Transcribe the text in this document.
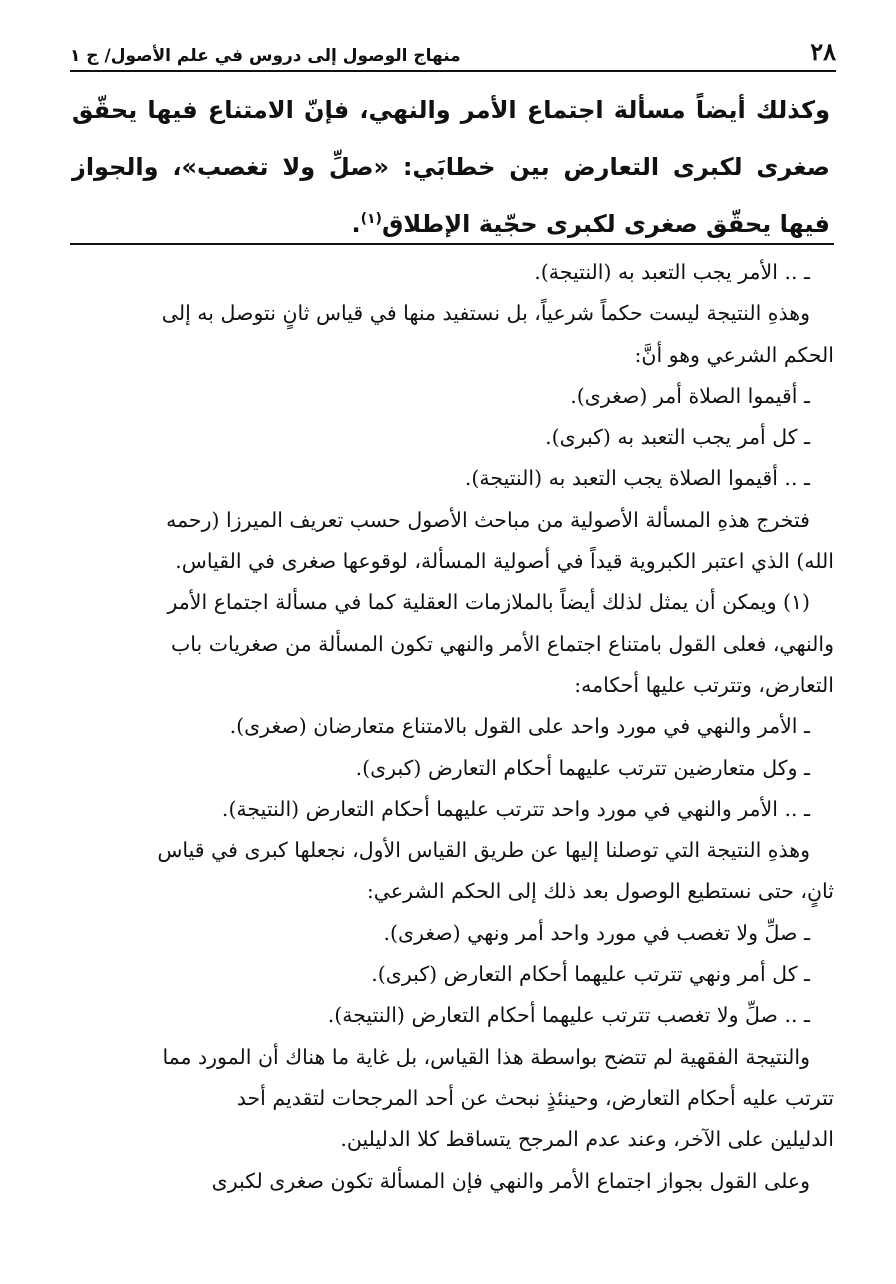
٢٨
منهاج الوصول إلى دروس في علم الأصول/ ج ١

وكذلك أيضاً مسألة اجتماع الأمر والنهي، فإنّ الامتناع فيها يحقّق صغرى لكبرى التعارض بين خطابَي: «صلِّ ولا تغصب»، والجواز فيها يحقّق صغرى لكبرى حجّية الإطلاق$^{(١)}$.

ـ .. الأمر يجب التعبد به (النتيجة).

وهذهِ النتيجة ليست حكماً شرعياً، بل نستفيد منها في قياس ثانٍ نتوصل به إلى

الحكم الشرعي وهو أنَّ:

ـ أقيموا الصلاة أمر (صغرى).

ـ كل أمر يجب التعبد به (كبرى).

ـ .. أقيموا الصلاة يجب التعبد به (النتيجة).

فتخرج هذهِ المسألة الأصولية من مباحث الأصول حسب تعريف الميرزا (رحمه

الله) الذي اعتبر الكبروية قيداً في أصولية المسألة، لوقوعها صغرى في القياس.

(١) ويمكن أن يمثل لذلك أيضاً بالملازمات العقلية كما في مسألة اجتماع الأمر

والنهي، فعلى القول بامتناع اجتماع الأمر والنهي تكون المسألة من صغريات باب

التعارض، وتترتب عليها أحكامه:

ـ الأمر والنهي في مورد واحد على القول بالامتناع متعارضان (صغرى).

ـ وكل متعارضين تترتب عليهما أحكام التعارض (كبرى).

ـ .. الأمر والنهي في مورد واحد تترتب عليهما أحكام التعارض (النتيجة).

وهذهِ النتيجة التي توصلنا إليها عن طريق القياس الأول، نجعلها كبرى في قياس

ثانٍ، حتى نستطيع الوصول بعد ذلك إلى الحكم الشرعي:

ـ صلِّ ولا تغصب في مورد واحد أمر ونهي (صغرى).

ـ كل أمر ونهي تترتب عليهما أحكام التعارض (كبرى).

ـ .. صلِّ ولا تغصب تترتب عليهما أحكام التعارض (النتيجة).

والنتيجة الفقهية لم تتضح بواسطة هذا القياس، بل غاية ما هناك أن المورد مما

تترتب عليه أحكام التعارض، وحينئذٍ نبحث عن أحد المرجحات لتقديم أحد

الدليلين على الآخر، وعند عدم المرجح يتساقط كلا الدليلين.

وعلى القول بجواز اجتماع الأمر والنهي فإن المسألة تكون صغرى لكبرى
